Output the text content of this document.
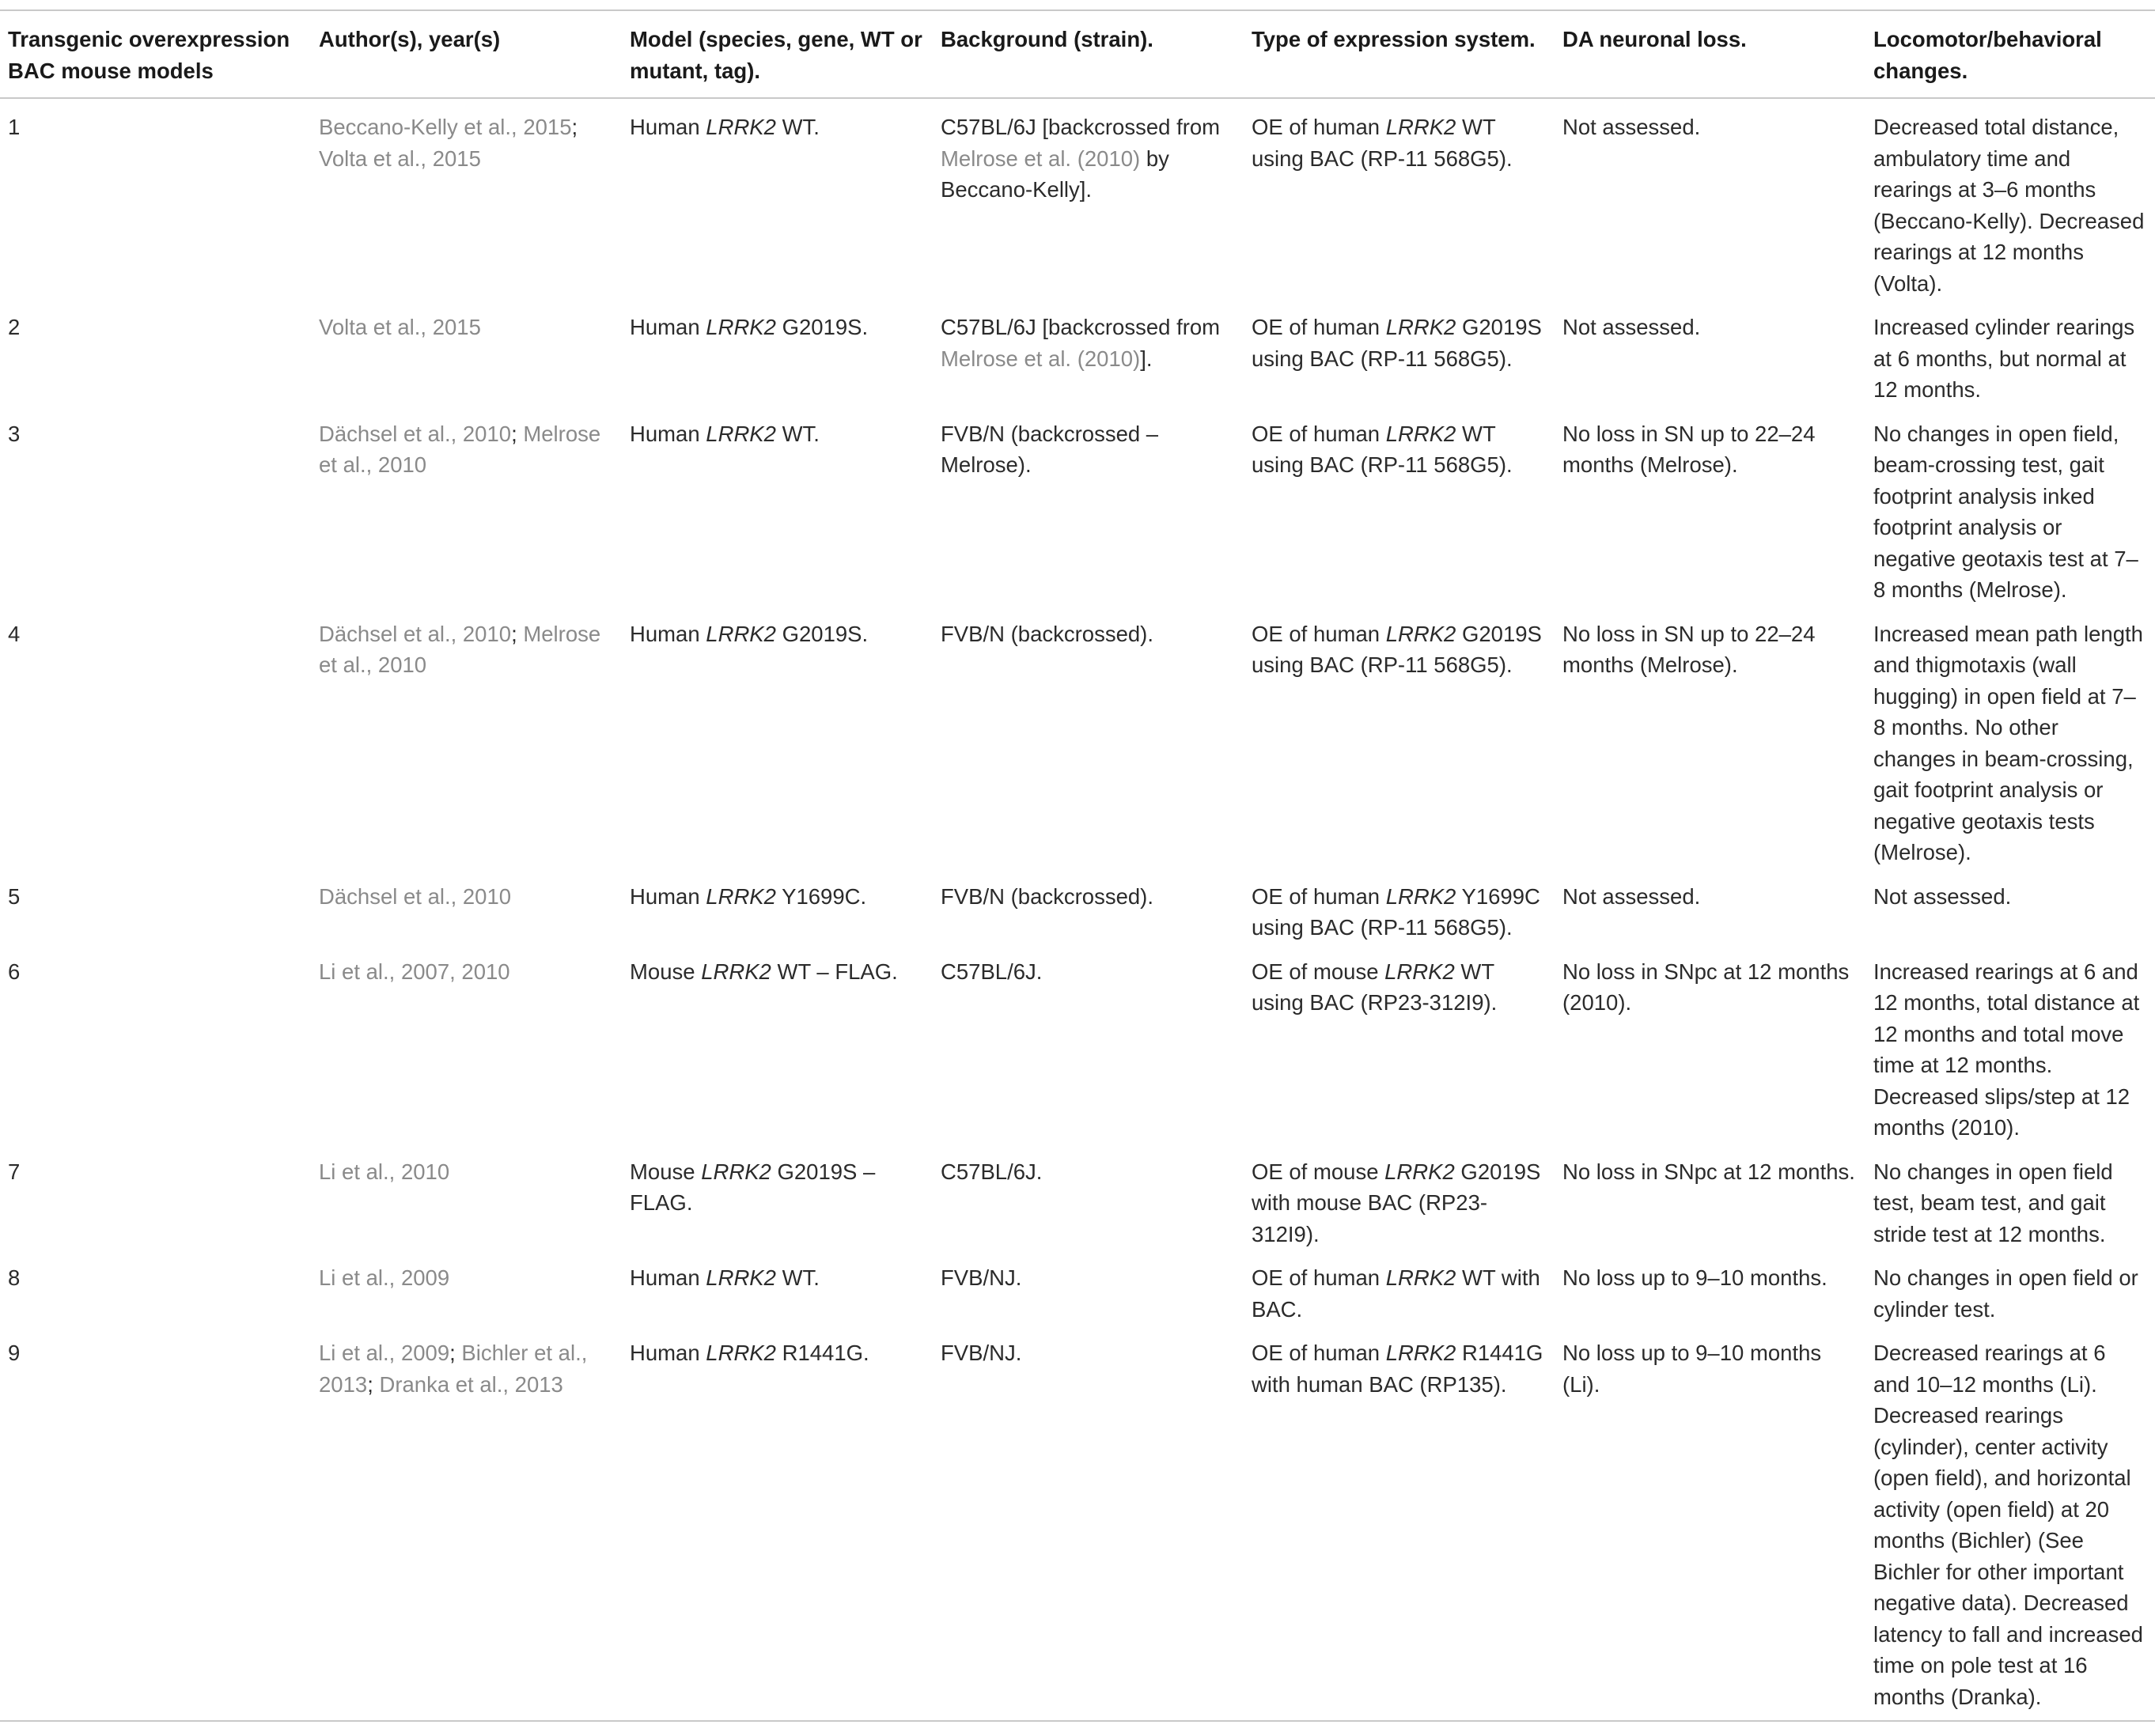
Transgenic overexpression BAC mouse models	Author(s), year(s)	Model (species, gene, WT or mutant, tag).	Background (strain).	Type of expression system.	DA neuronal loss.	Locomotor/behavioral changes.
1	Beccano-Kelly et al., 2015; Volta et al., 2015	Human LRRK2 WT.	C57BL/6J [backcrossed from Melrose et al. (2010) by Beccano-Kelly].	OE of human LRRK2 WT using BAC (RP-11 568G5).	Not assessed.	Decreased total distance, ambulatory time and rearings at 3–6 months (Beccano-Kelly). Decreased rearings at 12 months (Volta).
2	Volta et al., 2015	Human LRRK2 G2019S.	C57BL/6J [backcrossed from Melrose et al. (2010)].	OE of human LRRK2 G2019S using BAC (RP-11 568G5).	Not assessed.	Increased cylinder rearings at 6 months, but normal at 12 months.
3	Dächsel et al., 2010; Melrose et al., 2010	Human LRRK2 WT.	FVB/N (backcrossed – Melrose).	OE of human LRRK2 WT using BAC (RP-11 568G5).	No loss in SN up to 22–24 months (Melrose).	No changes in open field, beam-crossing test, gait footprint analysis inked footprint analysis or negative geotaxis test at 7–8 months (Melrose).
4	Dächsel et al., 2010; Melrose et al., 2010	Human LRRK2 G2019S.	FVB/N (backcrossed).	OE of human LRRK2 G2019S using BAC (RP-11 568G5).	No loss in SN up to 22–24 months (Melrose).	Increased mean path length and thigmotaxis (wall hugging) in open field at 7–8 months. No other changes in beam-crossing, gait footprint analysis or negative geotaxis tests (Melrose).
5	Dächsel et al., 2010	Human LRRK2 Y1699C.	FVB/N (backcrossed).	OE of human LRRK2 Y1699C using BAC (RP-11 568G5).	Not assessed.	Not assessed.
6	Li et al., 2007, 2010	Mouse LRRK2 WT – FLAG.	C57BL/6J.	OE of mouse LRRK2 WT using BAC (RP23-312I9).	No loss in SNpc at 12 months (2010).	Increased rearings at 6 and 12 months, total distance at 12 months and total move time at 12 months. Decreased slips/step at 12 months (2010).
7	Li et al., 2010	Mouse LRRK2 G2019S – FLAG.	C57BL/6J.	OE of mouse LRRK2 G2019S with mouse BAC (RP23-312I9).	No loss in SNpc at 12 months.	No changes in open field test, beam test, and gait stride test at 12 months.
8	Li et al., 2009	Human LRRK2 WT.	FVB/NJ.	OE of human LRRK2 WT with BAC.	No loss up to 9–10 months.	No changes in open field or cylinder test.
9	Li et al., 2009; Bichler et al., 2013; Dranka et al., 2013	Human LRRK2 R1441G.	FVB/NJ.	OE of human LRRK2 R1441G with human BAC (RP135).	No loss up to 9–10 months (Li).	Decreased rearings at 6 and 10–12 months (Li). Decreased rearings (cylinder), center activity (open field), and horizontal activity (open field) at 20 months (Bichler) (See Bichler for other important negative data). Decreased latency to fall and increased time on pole test at 16 months (Dranka).
